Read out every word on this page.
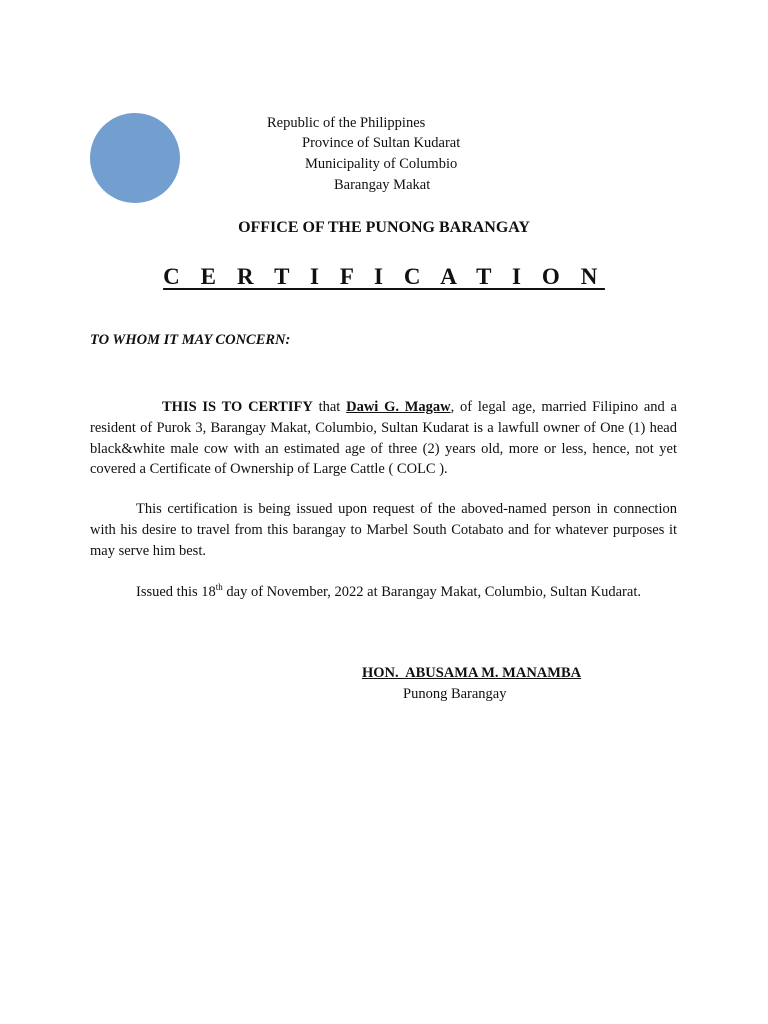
Republic of the Philippines
Province of Sultan Kudarat
Municipality of Columbio
Barangay Makat
OFFICE OF THE PUNONG BARANGAY
C E R T I F I C A T I O N
TO WHOM IT MAY CONCERN:

THIS IS TO CERTIFY that Dawi G. Magaw, of legal age, married Filipino and a resident of Purok 3, Barangay Makat, Columbio, Sultan Kudarat is a lawfull owner of One (1) head black&white male cow with an estimated age of three (2) years old, more or less, hence, not yet covered a Certificate of Ownership of Large Cattle ( COLC ).

This certification is being issued upon request of the aboved-named person in connection with his desire to travel from this barangay to Marbel South Cotabato and for whatever purposes it may serve him best.

Issued this 18th day of November, 2022 at Barangay Makat, Columbio, Sultan Kudarat.

HON.  ABUSAMA M. MANAMBA
Punong Barangay
